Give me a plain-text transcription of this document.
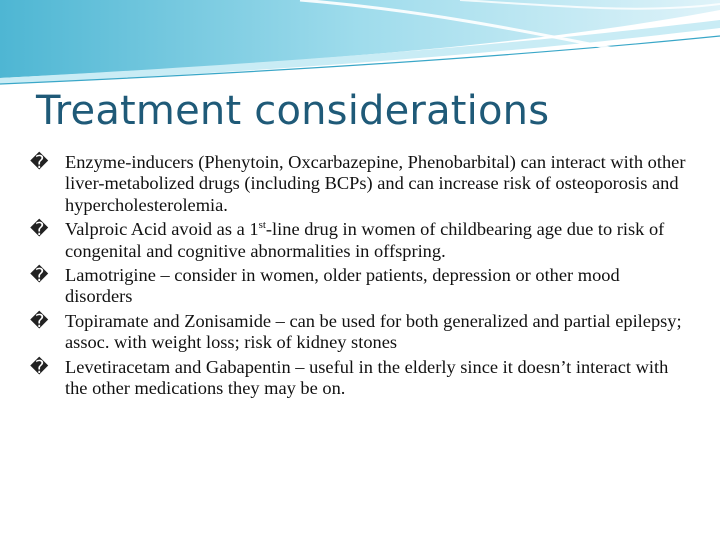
Treatment considerations
� Enzyme-inducers (Phenytoin, Oxcarbazepine, Phenobarbital) can interact with other liver-metabolized drugs (including BCPs) and can increase risk of osteoporosis and hypercholesterolemia.
� Valproic Acid avoid as a 1st-line drug in women of childbearing age due to risk of congenital and cognitive abnormalities in offspring.
� Lamotrigine – consider in women, older patients, depression or other mood disorders
� Topiramate and Zonisamide – can be used for both generalized and partial epilepsy; assoc. with weight loss; risk of kidney stones
� Levetiracetam and Gabapentin – useful in the elderly since it doesn’t interact with the other medications they may be on.
